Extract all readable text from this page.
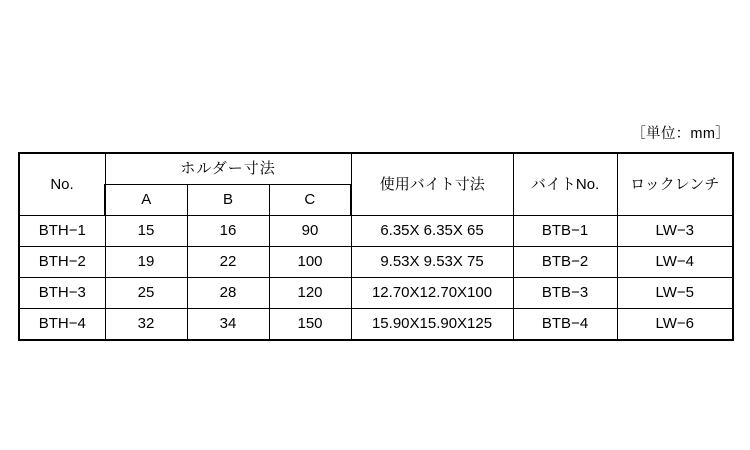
［単位：mm］
No.	ホルダー寸法			使用バイト寸法	バイトNo.	ロックレンチ
	A	B	C			
BTH−1	15	16	90	6.35X 6.35X 65	BTB−1	LW−3
BTH−2	19	22	100	9.53X 9.53X 75	BTB−2	LW−4
BTH−3	25	28	120	12.70X12.70X100	BTB−3	LW−5
BTH−4	32	34	150	15.90X15.90X125	BTB−4	LW−6
